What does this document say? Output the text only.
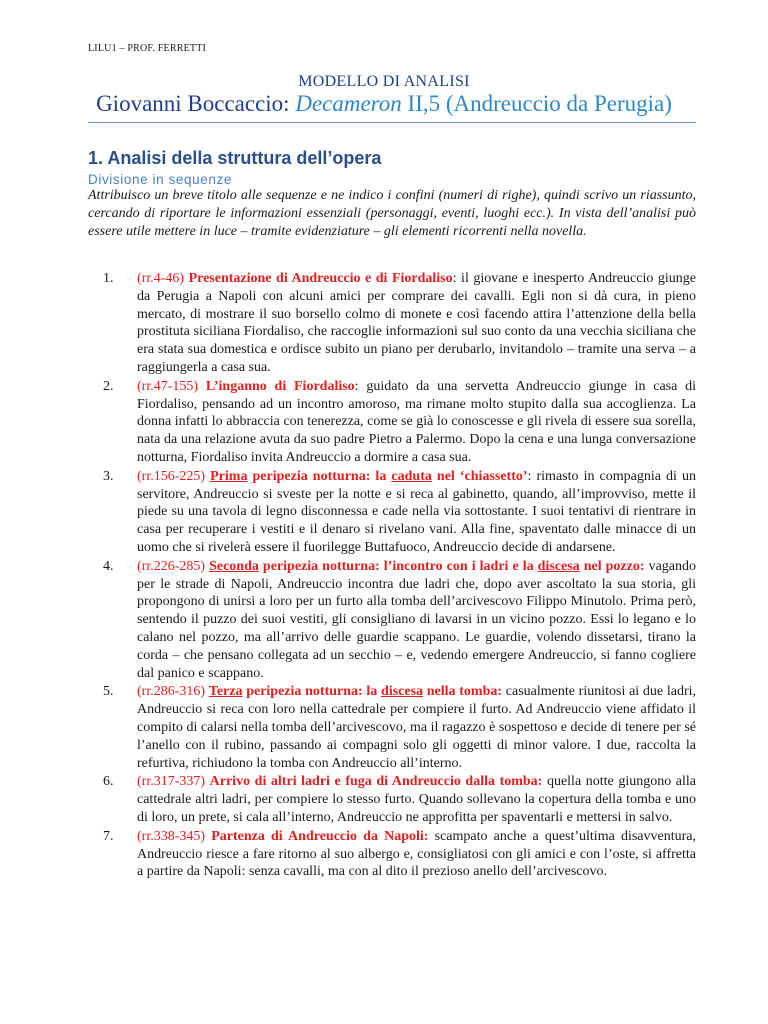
LILU1 – PROF. FERRETTI
MODELLO DI ANALISI
Giovanni Boccaccio: Decameron II,5 (Andreuccio da Perugia)
1. Analisi della struttura dell’opera
Divisione in sequenze
Attribuisco un breve titolo alle sequenze e ne indico i confini (numeri di righe), quindi scrivo un riassunto, cercando di riportare le informazioni essenziali (personaggi, eventi, luoghi ecc.). In vista dell’analisi può essere utile mettere in luce – tramite evidenziature – gli elementi ricorrenti nella novella.
1.	(rr.4-46) Presentazione di Andreuccio e di Fiordaliso: il giovane e inesperto Andreuccio giunge da Perugia a Napoli con alcuni amici per comprare dei cavalli. Egli non si dà cura, in pieno mercato, di mostrare il suo borsello colmo di monete e così facendo attira l’attenzione della bella prostituta siciliana Fiordaliso, che raccoglie informazioni sul suo conto da una vecchia siciliana che era stata sua domestica e ordisce subito un piano per derubarlo, invitandolo – tramite una serva – a raggiungerla a casa sua.
2.	(rr.47-155) L’inganno di Fiordaliso: guidato da una servetta Andreuccio giunge in casa di Fiordaliso, pensando ad un incontro amoroso, ma rimane molto stupito dalla sua accoglienza. La donna infatti lo abbraccia con tenerezza, come se già lo conoscesse e gli rivela di essere sua sorella, nata da una relazione avuta da suo padre Pietro a Palermo. Dopo la cena e una lunga conversazione notturna, Fiordaliso invita Andreuccio a dormire a casa sua.
3.	(rr.156-225) Prima peripezia notturna: la caduta nel ‘chiassetto’: rimasto in compagnia di un servitore, Andreuccio si sveste per la notte e si reca al gabinetto, quando, all’improvviso, mette il piede su una tavola di legno disconnessa e cade nella via sottostante. I suoi tentativi di rientrare in casa per recuperare i vestiti e il denaro si rivelano vani. Alla fine, spaventato dalle minacce di un uomo che si rivelerà essere il fuorilegge Buttafuoco, Andreuccio decide di andarsene.
4.	(rr.226-285) Seconda peripezia notturna: l’incontro con i ladri e la discesa nel pozzo: vagando per le strade di Napoli, Andreuccio incontra due ladri che, dopo aver ascoltato la sua storia, gli propongono di unirsi a loro per un furto alla tomba dell’arcivescovo Filippo Minutolo. Prima però, sentendo il puzzo dei suoi vestiti, gli consigliano di lavarsi in un vicino pozzo. Essi lo legano e lo calano nel pozzo, ma all’arrivo delle guardie scappano. Le guardie, volendo dissetarsi, tirano la corda – che pensano collegata ad un secchio – e, vedendo emergere Andreuccio, si fanno cogliere dal panico e scappano.
5.	(rr.286-316) Terza peripezia notturna: la discesa nella tomba: casualmente riunitosi ai due ladri, Andreuccio si reca con loro nella cattedrale per compiere il furto. Ad Andreuccio viene affidato il compito di calarsi nella tomba dell’arcivescovo, ma il ragazzo è sospettoso e decide di tenere per sé l’anello con il rubino, passando ai compagni solo gli oggetti di minor valore. I due, raccolta la refurtiva, richiudono la tomba con Andreuccio all’interno.
6.	(rr.317-337) Arrivo di altri ladri e fuga di Andreuccio dalla tomba: quella notte giungono alla cattedrale altri ladri, per compiere lo stesso furto. Quando sollevano la copertura della tomba e uno di loro, un prete, si cala all’interno, Andreuccio ne approfitta per spaventarli e mettersi in salvo.
7.	(rr.338-345) Partenza di Andreuccio da Napoli: scampato anche a quest’ultima disavventura, Andreuccio riesce a fare ritorno al suo albergo e, consigliatosi con gli amici e con l’oste, si affretta a partire da Napoli: senza cavalli, ma con al dito il prezioso anello dell’arcivescovo.
